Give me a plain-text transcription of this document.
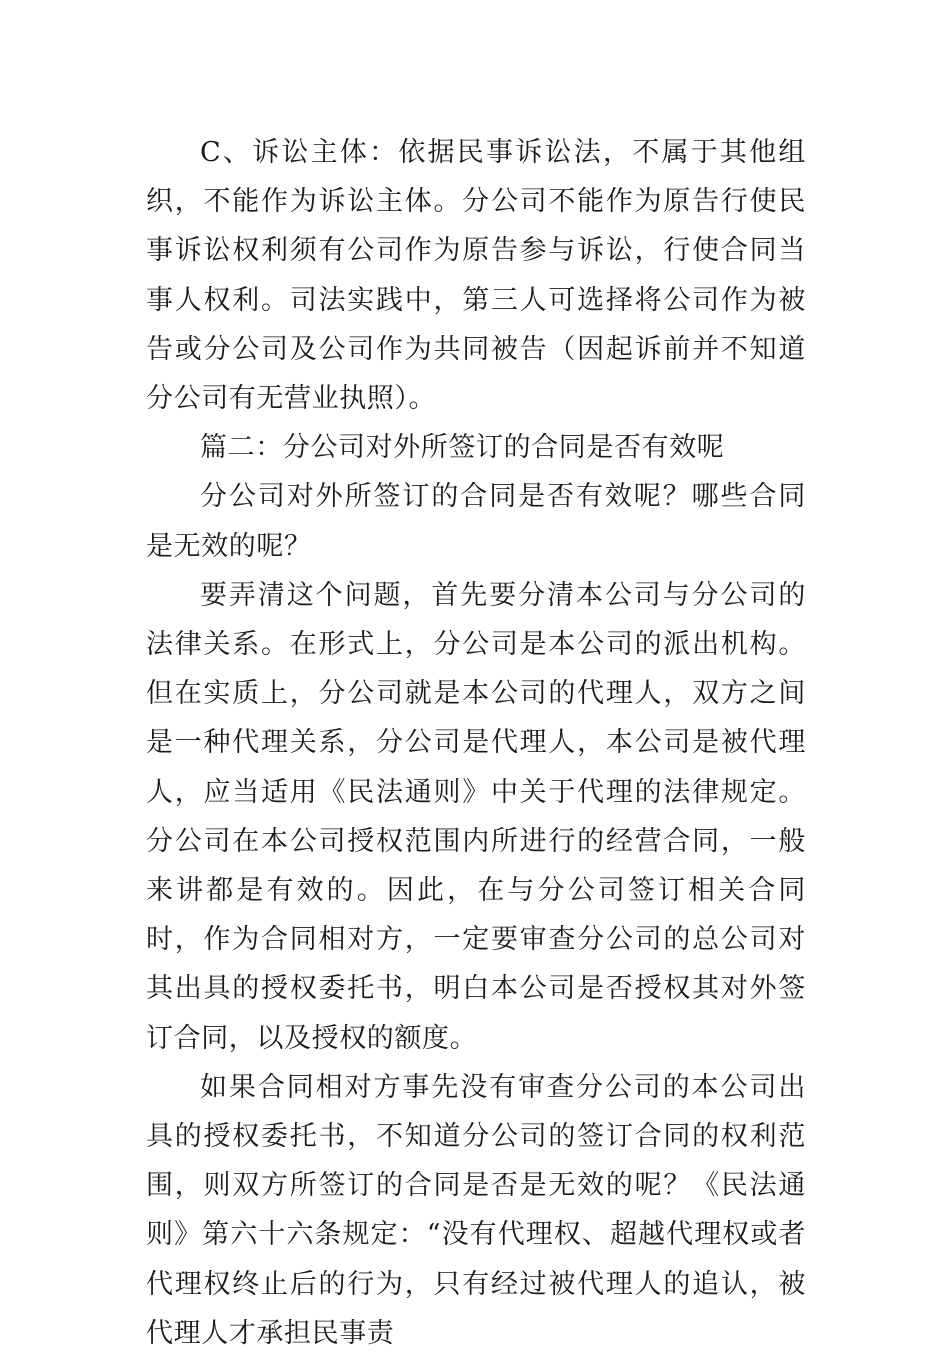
C、诉讼主体：依据民事诉讼法，不属于其他组织，不能作为诉讼主体。分公司不能作为原告行使民事诉讼权利须有公司作为原告参与诉讼，行使合同当事人权利。司法实践中，第三人可选择将公司作为被告或分公司及公司作为共同被告（因起诉前并不知道分公司有无营业执照）。

篇二：分公司对外所签订的合同是否有效呢

分公司对外所签订的合同是否有效呢？哪些合同是无效的呢？

要弄清这个问题，首先要分清本公司与分公司的法律关系。在形式上，分公司是本公司的派出机构。但在实质上，分公司就是本公司的代理人，双方之间是一种代理关系，分公司是代理人，本公司是被代理人，应当适用《民法通则》中关于代理的法律规定。分公司在本公司授权范围内所进行的经营合同，一般来讲都是有效的。因此，在与分公司签订相关合同时，作为合同相对方，一定要审查分公司的总公司对其出具的授权委托书，明白本公司是否授权其对外签订合同，以及授权的额度。

如果合同相对方事先没有审查分公司的本公司出具的授权委托书，不知道分公司的签订合同的权利范围，则双方所签订的合同是否是无效的呢？《民法通则》第六十六条规定：“没有代理权、超越代理权或者代理权终止后的行为，只有经过被代理人的追认，被代理人才承担民事责
